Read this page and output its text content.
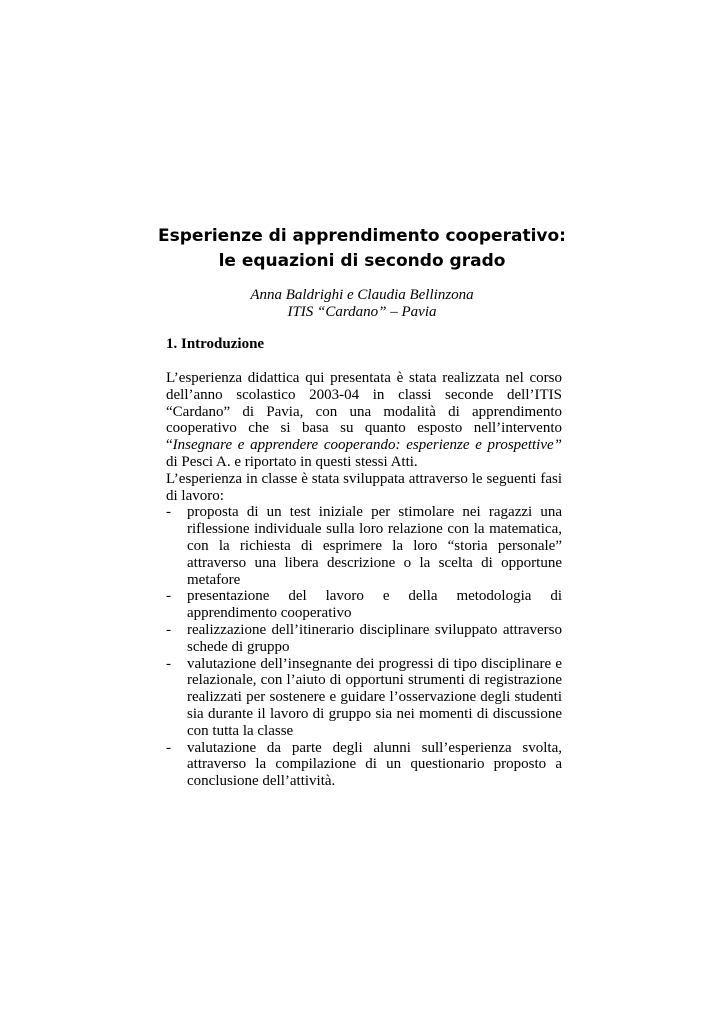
Esperienze di apprendimento cooperativo:
le equazioni di secondo grado
Anna Baldrighi e Claudia Bellinzona
ITIS “Cardano” – Pavia
1. Introduzione

L’esperienza didattica qui presentata è stata realizzata nel corso dell’anno scolastico 2003-04 in classi seconde dell’ITIS “Cardano” di Pavia, con una modalità di apprendimento cooperativo che si basa su quanto esposto nell’intervento “Insegnare e apprendere cooperando: esperienze e prospettive” di Pesci A. e riportato in questi stessi Atti.

L’esperienza in classe è stata sviluppata attraverso le seguenti fasi di lavoro:

- proposta di un test iniziale per stimolare nei ragazzi una riflessione individuale sulla loro relazione con la matematica, con la richiesta di esprimere la loro “storia personale” attraverso una libera descrizione o la scelta di opportune metafore
- presentazione del lavoro e della metodologia di apprendimento cooperativo
- realizzazione dell’itinerario disciplinare sviluppato attraverso schede di gruppo
- valutazione dell’insegnante dei progressi di tipo disciplinare e relazionale, con l’aiuto di opportuni strumenti di registrazione realizzati per sostenere e guidare l’osservazione degli studenti sia durante il lavoro di gruppo sia nei momenti di discussione con tutta la classe
- valutazione da parte degli alunni sull’esperienza svolta, attraverso la compilazione di un questionario proposto a conclusione dell’attività.
